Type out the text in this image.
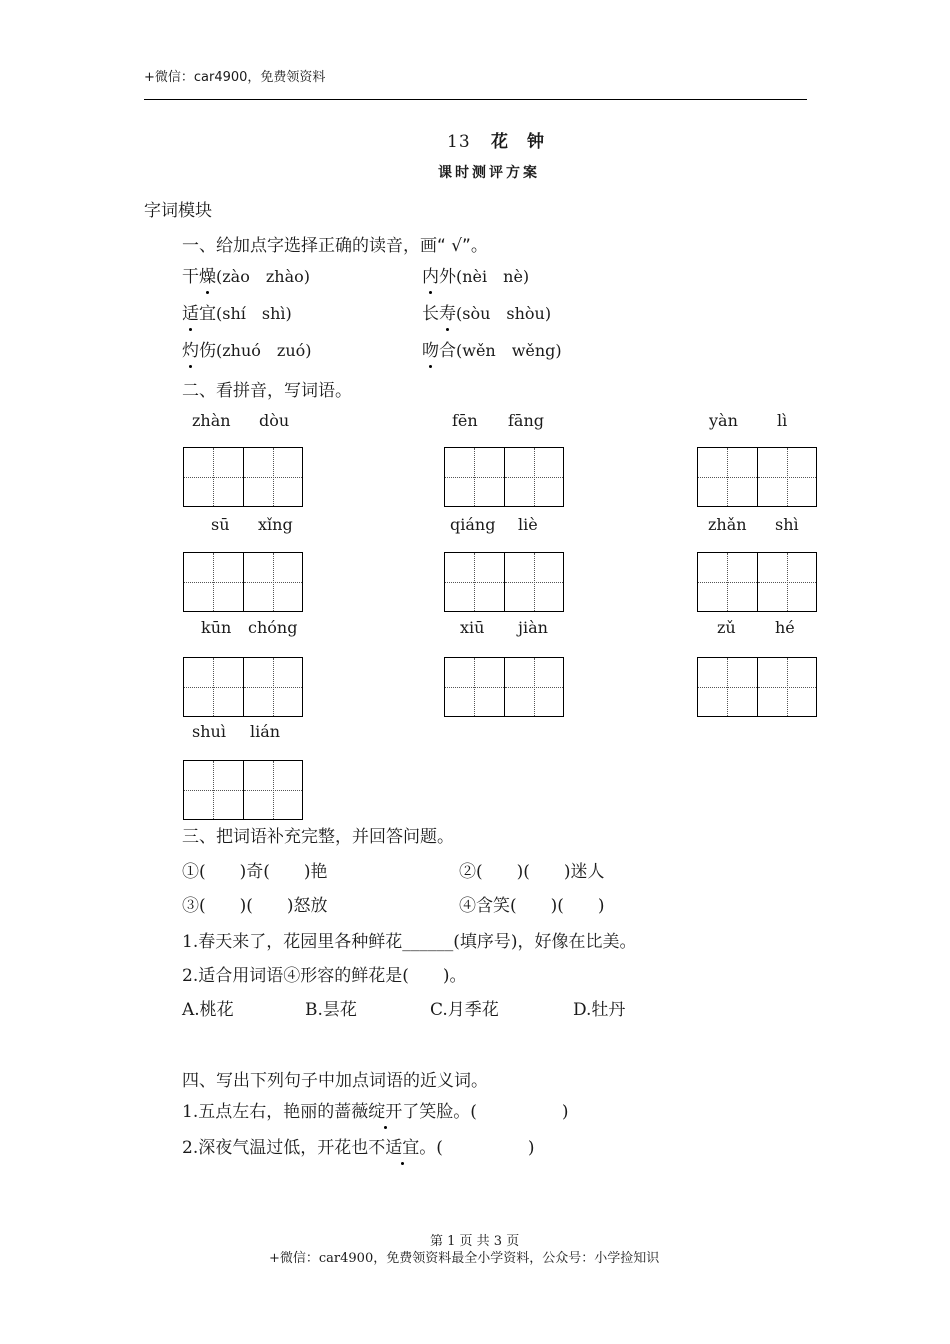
+微信：car4900，免费领资料
13 花　钟
课时测评方案
字词模块
一、给加点字选择正确的读音，画“ √”。
干燥(zào　zhào)	内外(nèi　nè)
适宜(shí　shì)	长寿(sòu　shòu)
灼伤(zhuó　zuó)	吻合(wěn　wěng)
二、看拼音，写词语。
zhàn dòu	fēn fāng	yàn lì
sū xǐng	qiáng liè	zhǎn shì
kūn chóng	xiū jiàn	zǔ hé
shuì lián
三、把词语补充完整，并回答问题。
①(　　)奇(　　)艳	②(　　)(　　)迷人
③(　　)(　　)怒放	④含笑(　　)(　　)
1.春天来了，花园里各种鲜花______(填序号)，好像在比美。
2.适合用词语④形容的鲜花是(　　)。
A.桃花	B.昙花	C.月季花	D.牡丹
四、写出下列句子中加点词语的近义词。
1.五点左右，艳丽的蔷薇绽开了笑脸。(　　　　　)
2.深夜气温过低，开花也不适宜。(　　　　　)
第 1 页 共 3 页
+微信：car4900，免费领资料最全小学资料，公众号：小学捡知识
